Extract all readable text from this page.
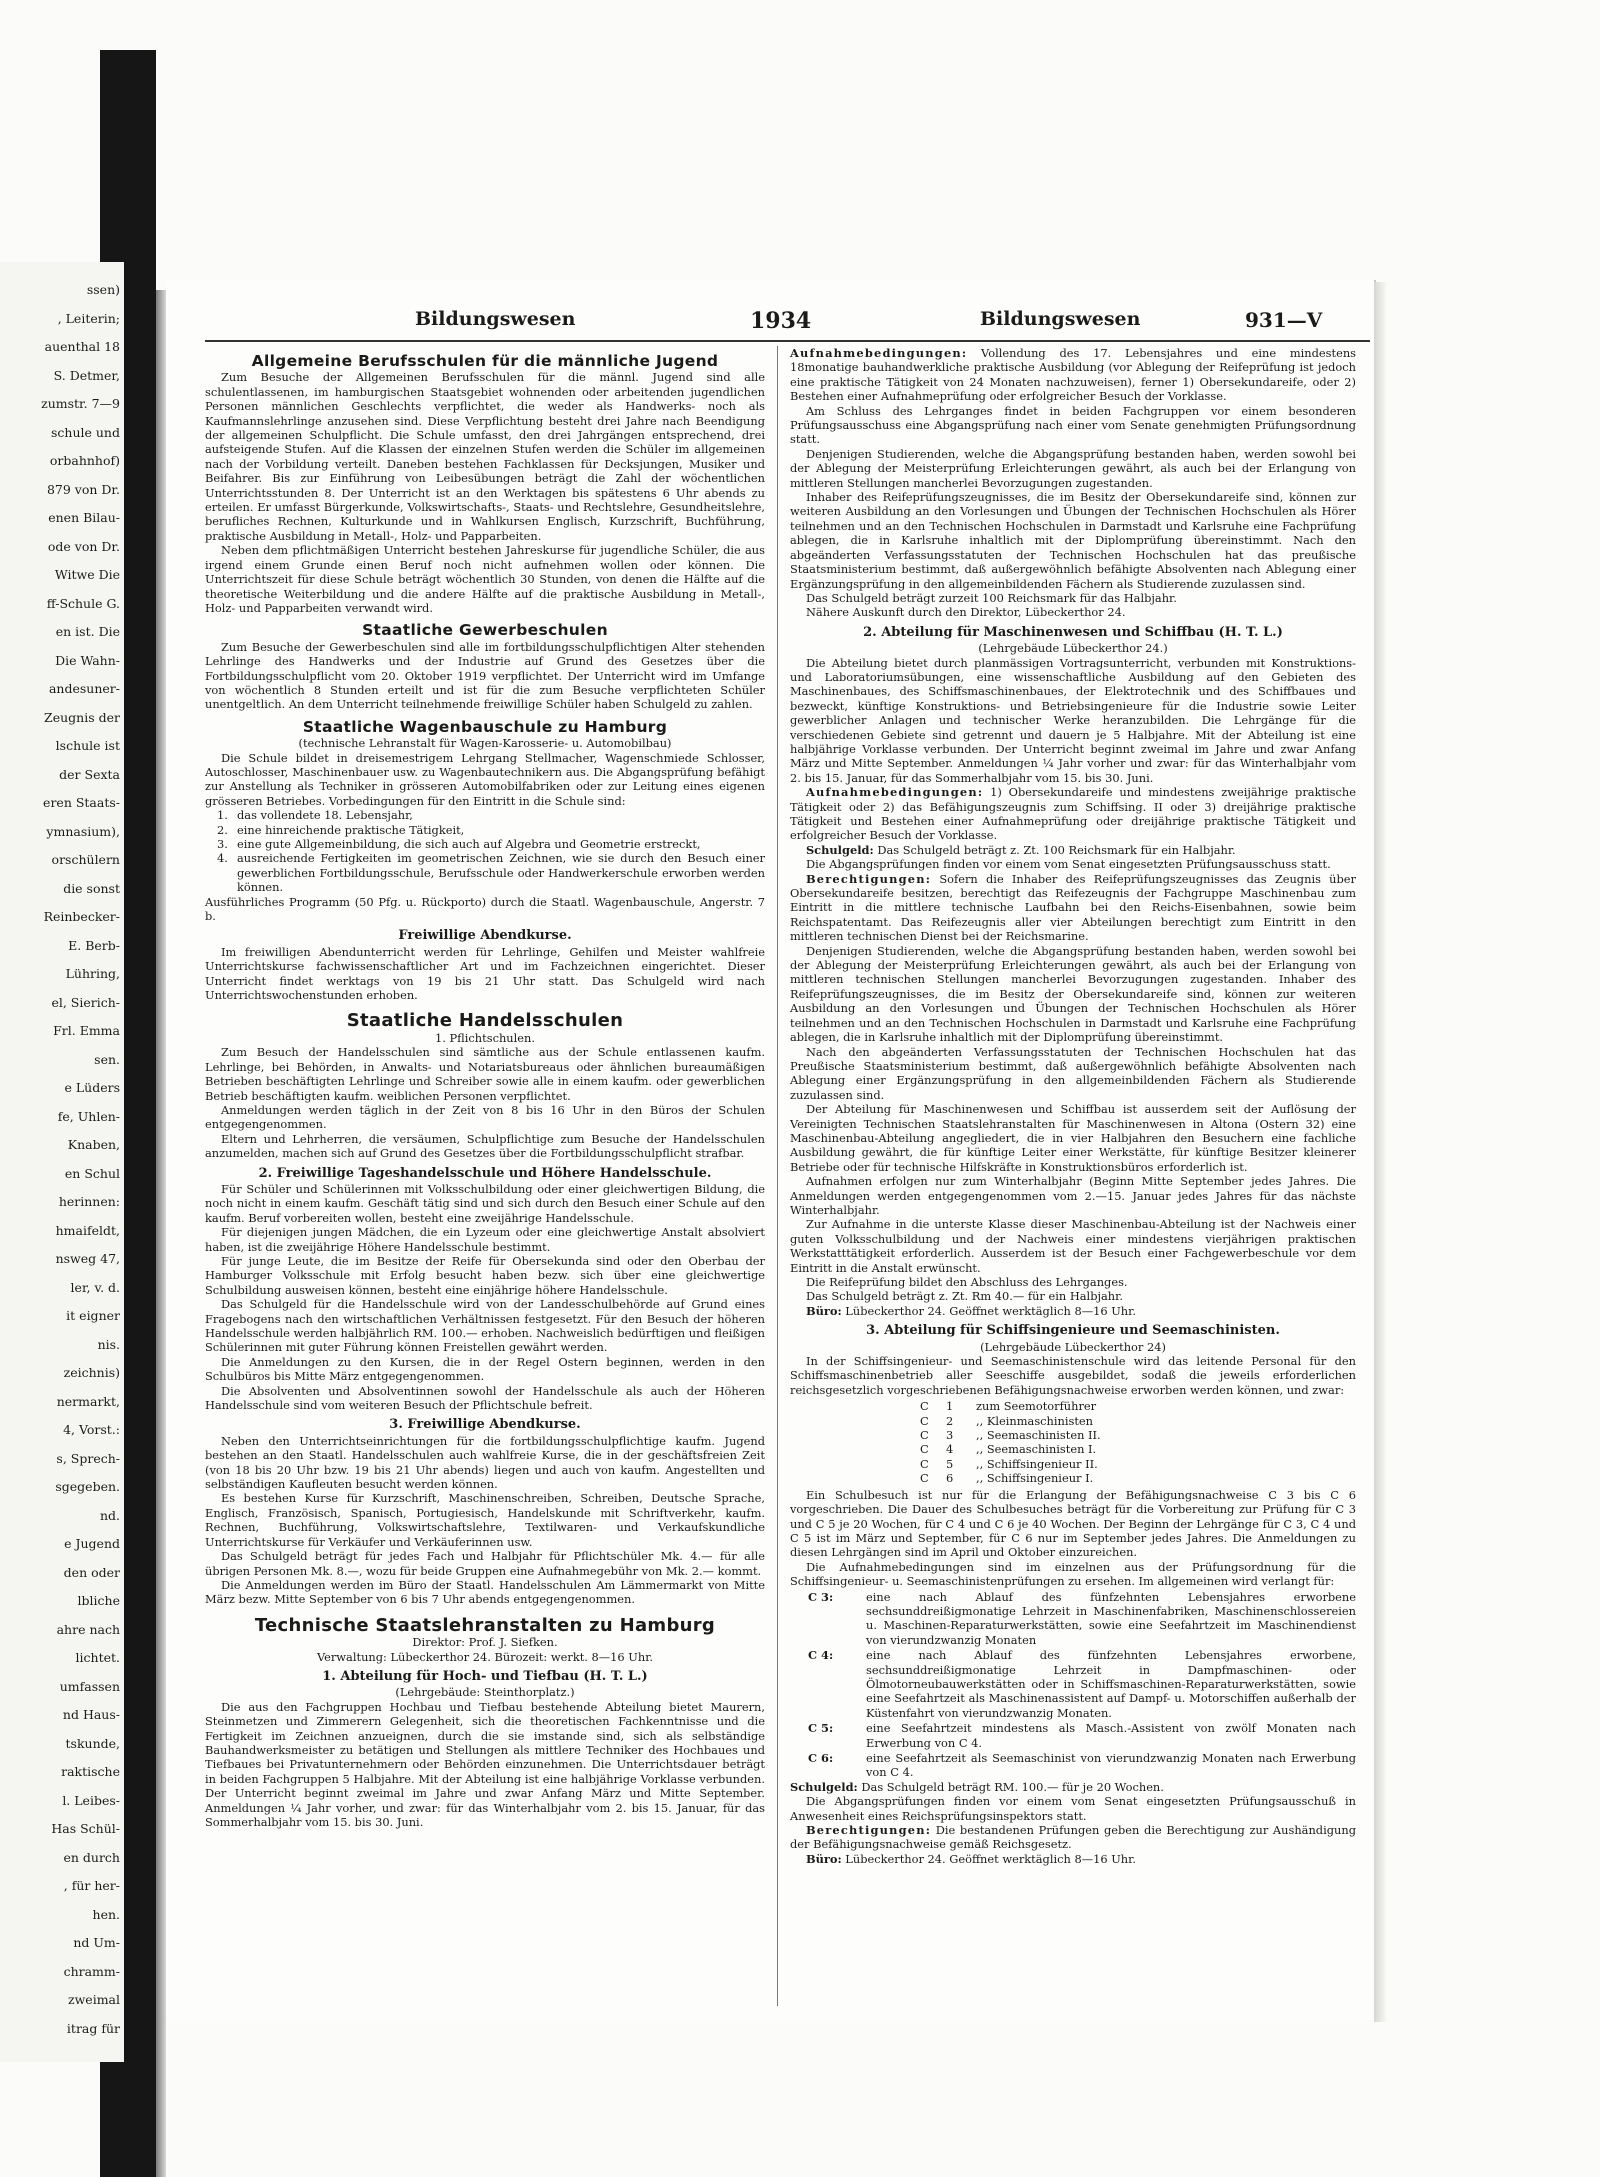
ssen)
, Leiterin;
auenthal 18
S. Detmer,
zumstr. 7—9
schule und
orbahnhof)
879 von Dr.
enen Bilau-
ode von Dr.
Witwe Die
ff-Schule G.
en ist. Die
Die Wahn-
andesuner-
Zeugnis der
lschule ist
der Sexta
eren Staats-
ymnasium),
orschülern
die sonst
Reinbecker-
E. Berb-
Lühring,
el, Sierich-
Frl. Emma
sen.
e Lüders
fe, Uhlen-
Knaben,
en Schul
herinnen:
hmaifeldt,
nsweg 47,
ler, v. d.
it eigner
nis.
zeichnis)
nermarkt,
4, Vorst.:
s, Sprech-
sgegeben.
nd.
e Jugend
den oder
lbliche
ahre nach
lichtet.
umfassen
nd Haus-
tskunde,
raktische
l. Leibes-
Has Schül-
en durch
, für her-
hen.
nd Um-
chramm-
zweimal
itrag für
Bildungswesen	1934	Bildungswesen	931—V
Allgemeine Berufsschulen für die männliche Jugend

Zum Besuche der Allgemeinen Berufsschulen für die männl. Jugend sind alle schulentlassenen, im hamburgischen Staatsgebiet wohnenden oder arbeitenden jugendlichen Personen männlichen Geschlechts verpflichtet, die weder als Handwerks- noch als Kaufmannslehrlinge anzusehen sind. Diese Verpflichtung besteht drei Jahre nach Beendigung der allgemeinen Schulpflicht. Die Schule umfasst, den drei Jahrgängen entsprechend, drei aufsteigende Stufen. Auf die Klassen der einzelnen Stufen werden die Schüler im allgemeinen nach der Vorbildung verteilt. Daneben bestehen Fachklassen für Decksjungen, Musiker und Beifahrer. Bis zur Einführung von Leibesübungen beträgt die Zahl der wöchentlichen Unterrichtsstunden 8. Der Unterricht ist an den Werktagen bis spätestens 6 Uhr abends zu erteilen. Er umfasst Bürgerkunde, Volkswirtschafts-, Staats- und Rechtslehre, Gesundheitslehre, berufliches Rechnen, Kulturkunde und in Wahlkursen Englisch, Kurzschrift, Buchführung, praktische Ausbildung in Metall-, Holz- und Papparbeiten.

Neben dem pflichtmäßigen Unterricht bestehen Jahreskurse für jugendliche Schüler, die aus irgend einem Grunde einen Beruf noch nicht aufnehmen wollen oder können. Die Unterrichtszeit für diese Schule beträgt wöchentlich 30 Stunden, von denen die Hälfte auf die theoretische Weiterbildung und die andere Hälfte auf die praktische Ausbildung in Metall-, Holz- und Papparbeiten verwandt wird.

Staatliche Gewerbeschulen

Zum Besuche der Gewerbeschulen sind alle im fortbildungsschulpflichtigen Alter stehenden Lehrlinge des Handwerks und der Industrie auf Grund des Gesetzes über die Fortbildungsschulpflicht vom 20. Oktober 1919 verpflichtet. Der Unterricht wird im Umfange von wöchentlich 8 Stunden erteilt und ist für die zum Besuche verpflichteten Schüler unentgeltlich. An dem Unterricht teilnehmende freiwillige Schüler haben Schulgeld zu zahlen.

Staatliche Wagenbauschule zu Hamburg
(technische Lehranstalt für Wagen-Karosserie- u. Automobilbau)

Die Schule bildet in dreisemestrigem Lehrgang Stellmacher, Wagenschmiede Schlosser, Autoschlosser, Maschinenbauer usw. zu Wagenbautechnikern aus. Die Abgangsprüfung befähigt zur Anstellung als Techniker in grösseren Automobilfabriken oder zur Leitung eines eigenen grösseren Betriebes. Vorbedingungen für den Eintritt in die Schule sind:

1. das vollendete 18. Lebensjahr,
2. eine hinreichende praktische Tätigkeit,
3. eine gute Allgemeinbildung, die sich auch auf Algebra und Geometrie erstreckt,
4. ausreichende Fertigkeiten im geometrischen Zeichnen, wie sie durch den Besuch einer gewerblichen Fortbildungsschule, Berufsschule oder Handwerkerschule erworben werden können.

Ausführliches Programm (50 Pfg. u. Rückporto) durch die Staatl. Wagenbauschule, Angerstr. 7 b.

Freiwillige Abendkurse.

Im freiwilligen Abendunterricht werden für Lehrlinge, Gehilfen und Meister wahlfreie Unterrichtskurse fachwissenschaftlicher Art und im Fachzeichnen eingerichtet. Dieser Unterricht findet werktags von 19 bis 21 Uhr statt. Das Schulgeld wird nach Unterrichtswochenstunden erhoben.

Staatliche Handelsschulen
1. Pflichtschulen.

Zum Besuch der Handelsschulen sind sämtliche aus der Schule entlassenen kaufm. Lehrlinge, bei Behörden, in Anwalts- und Notariatsbureaus oder ähnlichen bureaumäßigen Betrieben beschäftigten Lehrlinge und Schreiber sowie alle in einem kaufm. oder gewerblichen Betrieb beschäftigten kaufm. weiblichen Personen verpflichtet.

Anmeldungen werden täglich in der Zeit von 8 bis 16 Uhr in den Büros der Schulen entgegengenommen.

Eltern und Lehrherren, die versäumen, Schulpflichtige zum Besuche der Handelsschulen anzumelden, machen sich auf Grund des Gesetzes über die Fortbildungsschulpflicht strafbar.

2. Freiwillige Tageshandelsschule und Höhere Handelsschule.

Für Schüler und Schülerinnen mit Volksschulbildung oder einer gleichwertigen Bildung, die noch nicht in einem kaufm. Geschäft tätig sind und sich durch den Besuch einer Schule auf den kaufm. Beruf vorbereiten wollen, besteht eine zweijährige Handelsschule.

Für diejenigen jungen Mädchen, die ein Lyzeum oder eine gleichwertige Anstalt absolviert haben, ist die zweijährige Höhere Handelsschule bestimmt.

Für junge Leute, die im Besitze der Reife für Obersekunda sind oder den Oberbau der Hamburger Volksschule mit Erfolg besucht haben bezw. sich über eine gleichwertige Schulbildung ausweisen können, besteht eine einjährige höhere Handelsschule.

Das Schulgeld für die Handelsschule wird von der Landesschulbehörde auf Grund eines Fragebogens nach den wirtschaftlichen Verhältnissen festgesetzt. Für den Besuch der höheren Handelsschule werden halbjährlich RM. 100.— erhoben. Nachweislich bedürftigen und fleißigen Schülerinnen mit guter Führung können Freistellen gewährt werden.

Die Anmeldungen zu den Kursen, die in der Regel Ostern beginnen, werden in den Schulbüros bis Mitte März entgegengenommen.

Die Absolventen und Absolventinnen sowohl der Handelsschule als auch der Höheren Handelsschule sind vom weiteren Besuch der Pflichtschule befreit.

3. Freiwillige Abendkurse.

Neben den Unterrichtseinrichtungen für die fortbildungsschulpflichtige kaufm. Jugend bestehen an den Staatl. Handelsschulen auch wahlfreie Kurse, die in der geschäftsfreien Zeit (von 18 bis 20 Uhr bzw. 19 bis 21 Uhr abends) liegen und auch von kaufm. Angestellten und selbständigen Kaufleuten besucht werden können.

Es bestehen Kurse für Kurzschrift, Maschinenschreiben, Schreiben, Deutsche Sprache, Englisch, Französisch, Spanisch, Portugiesisch, Handelskunde mit Schriftverkehr, kaufm. Rechnen, Buchführung, Volkswirtschaftslehre, Textilwaren- und Verkaufskundliche Unterrichtskurse für Verkäufer und Verkäuferinnen usw.

Das Schulgeld beträgt für jedes Fach und Halbjahr für Pflichtschüler Mk. 4.— für alle übrigen Personen Mk. 8.—, wozu für beide Gruppen eine Aufnahmegebühr von Mk. 2.— kommt.

Die Anmeldungen werden im Büro der Staatl. Handelsschulen Am Lämmermarkt von Mitte März bezw. Mitte September von 6 bis 7 Uhr abends entgegengenommen.

Technische Staatslehranstalten zu Hamburg
Direktor: Prof. J. Siefken.
Verwaltung: Lübeckerthor 24. Bürozeit: werkt. 8—16 Uhr.
1. Abteilung für Hoch- und Tiefbau (H. T. L.)
(Lehrgebäude: Steinthorplatz.)

Die aus den Fachgruppen Hochbau und Tiefbau bestehende Abteilung bietet Maurern, Steinmetzen und Zimmerern Gelegenheit, sich die theoretischen Fachkenntnisse und die Fertigkeit im Zeichnen anzueignen, durch die sie imstande sind, sich als selbständige Bauhandwerksmeister zu betätigen und Stellungen als mittlere Techniker des Hochbaues und Tiefbaues bei Privatunternehmern oder Behörden einzunehmen. Die Unterrichtsdauer beträgt in beiden Fachgruppen 5 Halbjahre. Mit der Abteilung ist eine halbjährige Vorklasse verbunden. Der Unterricht beginnt zweimal im Jahre und zwar Anfang März und Mitte September. Anmeldungen ¼ Jahr vorher, und zwar: für das Winterhalbjahr vom 2. bis 15. Januar, für das Sommerhalbjahr vom 15. bis 30. Juni.

Aufnahmebedingungen: Vollendung des 17. Lebensjahres und eine mindestens 18monatige bauhandwerkliche praktische Ausbildung (vor Ablegung der Reifeprüfung ist jedoch eine praktische Tätigkeit von 24 Monaten nachzuweisen), ferner 1) Obersekundareife, oder 2) Bestehen einer Aufnahmeprüfung oder erfolgreicher Besuch der Vorklasse.

Am Schluss des Lehrganges findet in beiden Fachgruppen vor einem besonderen Prüfungsausschuss eine Abgangsprüfung nach einer vom Senate genehmigten Prüfungsordnung statt.

Denjenigen Studierenden, welche die Abgangsprüfung bestanden haben, werden sowohl bei der Ablegung der Meisterprüfung Erleichterungen gewährt, als auch bei der Erlangung von mittleren Stellungen mancherlei Bevorzugungen zugestanden.

Inhaber des Reifeprüfungszeugnisses, die im Besitz der Obersekundareife sind, können zur weiteren Ausbildung an den Vorlesungen und Übungen der Technischen Hochschulen als Hörer teilnehmen und an den Technischen Hochschulen in Darmstadt und Karlsruhe eine Fachprüfung ablegen, die in Karlsruhe inhaltlich mit der Diplomprüfung übereinstimmt. Nach den abgeänderten Verfassungsstatuten der Technischen Hochschulen hat das preußische Staatsministerium bestimmt, daß außergewöhnlich befähigte Absolventen nach Ablegung einer Ergänzungsprüfung in den allgemeinbildenden Fächern als Studierende zuzulassen sind.

Das Schulgeld beträgt zurzeit 100 Reichsmark für das Halbjahr.

Nähere Auskunft durch den Direktor, Lübeckerthor 24.

2. Abteilung für Maschinenwesen und Schiffbau (H. T. L.)
(Lehrgebäude Lübeckerthor 24.)

Die Abteilung bietet durch planmässigen Vortragsunterricht, verbunden mit Konstruktions- und Laboratoriumsübungen, eine wissenschaftliche Ausbildung auf den Gebieten des Maschinenbaues, des Schiffsmaschinenbaues, der Elektrotechnik und des Schiffbaues und bezweckt, künftige Konstruktions- und Betriebsingenieure für die Industrie sowie Leiter gewerblicher Anlagen und technischer Werke heranzubilden. Die Lehrgänge für die verschiedenen Gebiete sind getrennt und dauern je 5 Halbjahre. Mit der Abteilung ist eine halbjährige Vorklasse verbunden. Der Unterricht beginnt zweimal im Jahre und zwar Anfang März und Mitte September. Anmeldungen ¼ Jahr vorher und zwar: für das Winterhalbjahr vom 2. bis 15. Januar, für das Sommerhalbjahr vom 15. bis 30. Juni.

Aufnahmebedingungen: 1) Obersekundareife und mindestens zweijährige praktische Tätigkeit oder 2) das Befähigungszeugnis zum Schiffsing. II oder 3) dreijährige praktische Tätigkeit und Bestehen einer Aufnahmeprüfung oder dreijährige praktische Tätigkeit und erfolgreicher Besuch der Vorklasse.

Schulgeld: Das Schulgeld beträgt z. Zt. 100 Reichsmark für ein Halbjahr.

Die Abgangsprüfungen finden vor einem vom Senat eingesetzten Prüfungsausschuss statt.

Berechtigungen: Sofern die Inhaber des Reifeprüfungszeugnisses das Zeugnis über Obersekundareife besitzen, berechtigt das Reifezeugnis der Fachgruppe Maschinenbau zum Eintritt in die mittlere technische Laufbahn bei den Reichs-Eisenbahnen, sowie beim Reichspatentamt. Das Reifezeugnis aller vier Abteilungen berechtigt zum Eintritt in den mittleren technischen Dienst bei der Reichsmarine.

Denjenigen Studierenden, welche die Abgangsprüfung bestanden haben, werden sowohl bei der Ablegung der Meisterprüfung Erleichterungen gewährt, als auch bei der Erlangung von mittleren technischen Stellungen mancherlei Bevorzugungen zugestanden. Inhaber des Reifeprüfungszeugnisses, die im Besitz der Obersekundareife sind, können zur weiteren Ausbildung an den Vorlesungen und Übungen der Technischen Hochschulen als Hörer teilnehmen und an den Technischen Hochschulen in Darmstadt und Karlsruhe eine Fachprüfung ablegen, die in Karlsruhe inhaltlich mit der Diplomprüfung übereinstimmt.

Nach den abgeänderten Verfassungsstatuten der Technischen Hochschulen hat das Preußische Staatsministerium bestimmt, daß außergewöhnlich befähigte Absolventen nach Ablegung einer Ergänzungsprüfung in den allgemeinbildenden Fächern als Studierende zuzulassen sind.

Der Abteilung für Maschinenwesen und Schiffbau ist ausserdem seit der Auflösung der Vereinigten Technischen Staatslehranstalten für Maschinenwesen in Altona (Ostern 32) eine Maschinenbau-Abteilung angegliedert, die in vier Halbjahren den Besuchern eine fachliche Ausbildung gewährt, die für künftige Leiter einer Werkstätte, für künftige Besitzer kleinerer Betriebe oder für technische Hilfskräfte in Konstruktionsbüros erforderlich ist.

Aufnahmen erfolgen nur zum Winterhalbjahr (Beginn Mitte September jedes Jahres. Die Anmeldungen werden entgegengenommen vom 2.—15. Januar jedes Jahres für das nächste Winterhalbjahr.

Zur Aufnahme in die unterste Klasse dieser Maschinenbau-Abteilung ist der Nachweis einer guten Volksschulbildung und der Nachweis einer mindestens vierjährigen praktischen Werkstatttätigkeit erforderlich. Ausserdem ist der Besuch einer Fachgewerbeschule vor dem Eintritt in die Anstalt erwünscht.

Die Reifeprüfung bildet den Abschluss des Lehrganges.

Das Schulgeld beträgt z. Zt. Rm 40.— für ein Halbjahr.

Büro: Lübeckerthor 24. Geöffnet werktäglich 8—16 Uhr.

3. Abteilung für Schiffsingenieure und Seemaschinisten.
(Lehrgebäude Lübeckerthor 24)

In der Schiffsingenieur- und Seemaschinistenschule wird das leitende Personal für den Schiffsmaschinenbetrieb aller Seeschiffe ausgebildet, sodaß die jeweils erforderlichen reichsgesetzlich vorgeschriebenen Befähigungsnachweise erworben werden können, und zwar:

C	1	zum Seemotorführer
C	2	,, Kleinmaschinisten
C	3	,, Seemaschinisten II.
C	4	,, Seemaschinisten I.
C	5	,, Schiffsingenieur II.
C	6	,, Schiffsingenieur I.

Ein Schulbesuch ist nur für die Erlangung der Befähigungsnachweise C 3 bis C 6 vorgeschrieben. Die Dauer des Schulbesuches beträgt für die Vorbereitung zur Prüfung für C 3 und C 5 je 20 Wochen, für C 4 und C 6 je 40 Wochen. Der Beginn der Lehrgänge für C 3, C 4 und C 5 ist im März und September, für C 6 nur im September jedes Jahres. Die Anmeldungen zu diesen Lehrgängen sind im April und Oktober einzureichen.

Die Aufnahmebedingungen sind im einzelnen aus der Prüfungsordnung für die Schiffsingenieur- u. Seemaschinistenprüfungen zu ersehen. Im allgemeinen wird verlangt für:

C 3:	eine nach Ablauf des fünfzehnten Lebensjahres erworbene sechsunddreißigmonatige Lehrzeit in Maschinenfabriken, Maschinenschlossereien u. Maschinen-Reparaturwerkstätten, sowie eine Seefahrtzeit im Maschinendienst von vierundzwanzig Monaten
C 4:	eine nach Ablauf des fünfzehnten Lebensjahres erworbene, sechsunddreißigmonatige Lehrzeit in Dampfmaschinen- oder Ölmotorneubauwerkstätten oder in Schiffsmaschinen-Reparaturwerkstätten, sowie eine Seefahrtzeit als Maschinenassistent auf Dampf- u. Motorschiffen außerhalb der Küstenfahrt von vierundzwanzig Monaten.
C 5:	eine Seefahrtzeit mindestens als Masch.-Assistent von zwölf Monaten nach Erwerbung von C 4.
C 6:	eine Seefahrtzeit als Seemaschinist von vierundzwanzig Monaten nach Erwerbung von C 4.

Schulgeld: Das Schulgeld beträgt RM. 100.— für je 20 Wochen.

Die Abgangsprüfungen finden vor einem vom Senat eingesetzten Prüfungsausschuß in Anwesenheit eines Reichsprüfungsinspektors statt.

Berechtigungen: Die bestandenen Prüfungen geben die Berechtigung zur Aushändigung der Befähigungsnachweise gemäß Reichsgesetz.

Büro: Lübeckerthor 24. Geöffnet werktäglich 8—16 Uhr.
